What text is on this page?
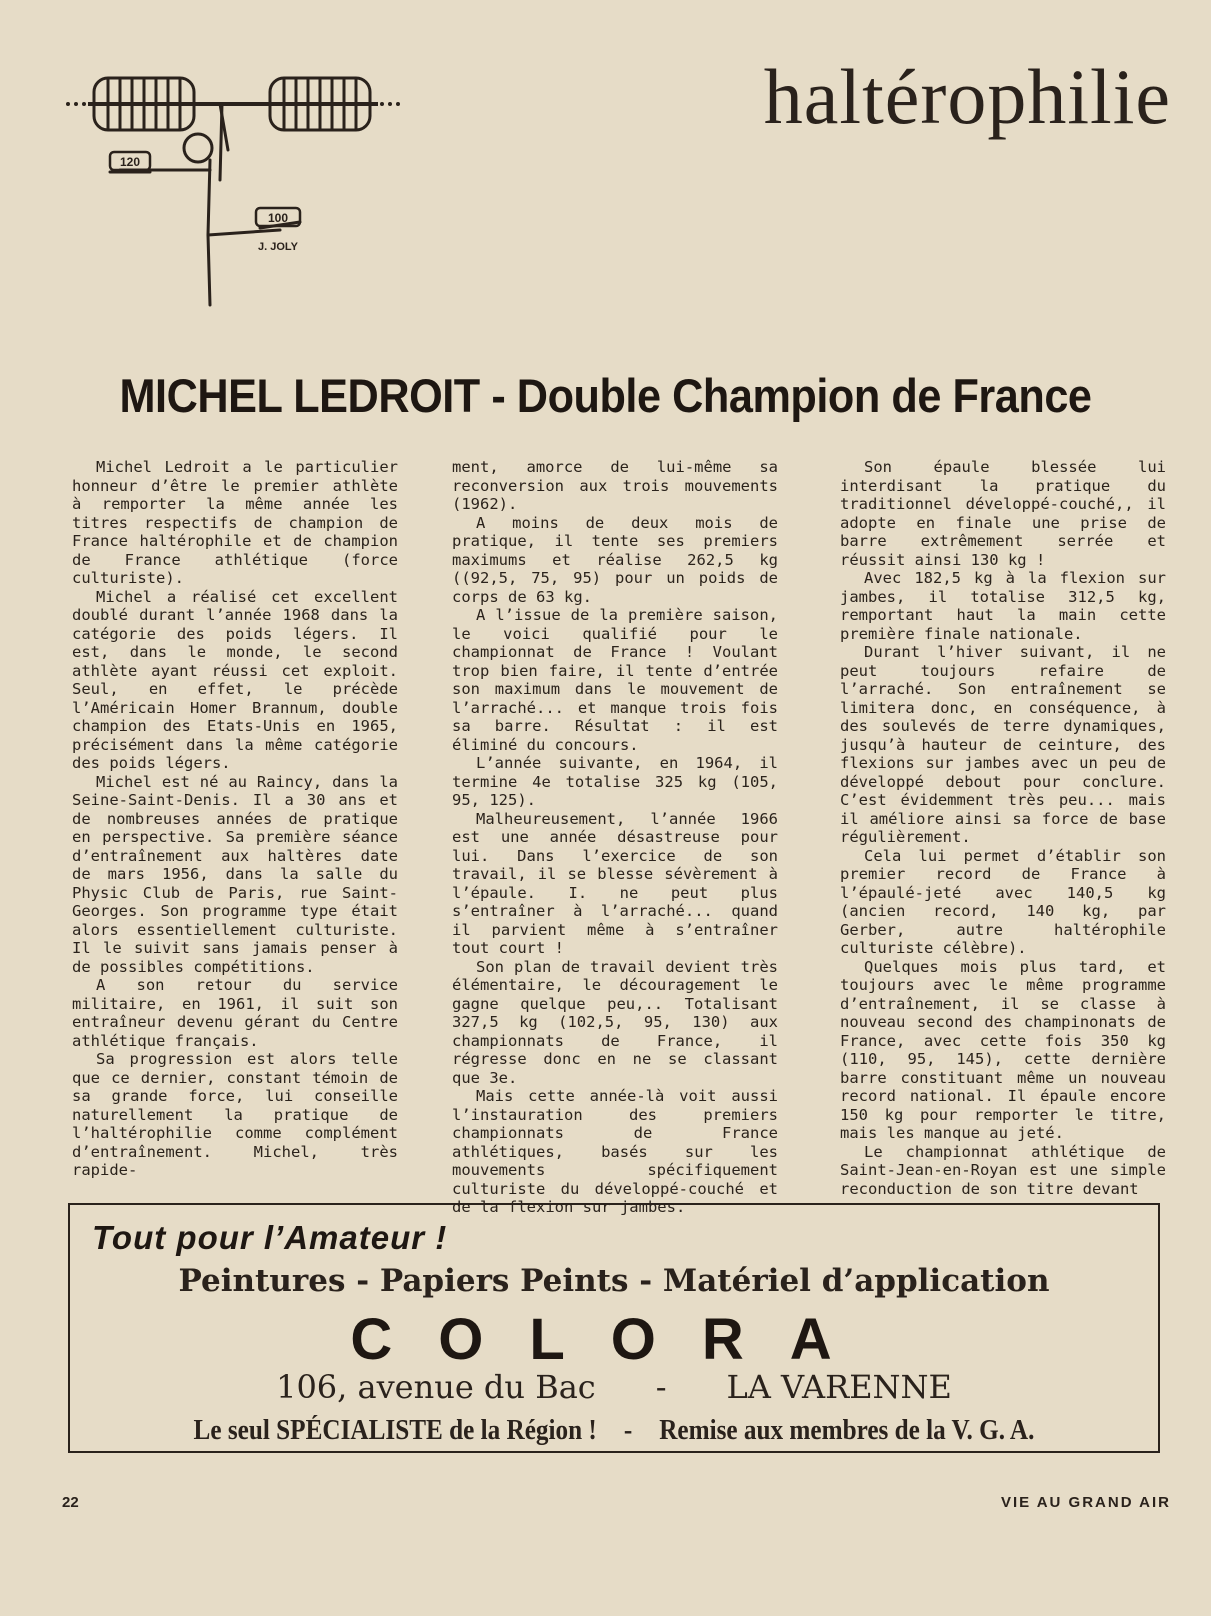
120
100
J. JOLY
haltérophilie
MICHEL LEDROIT - Double Champion de France

Michel Ledroit a le particulier honneur d’être le premier athlète à remporter la même année les titres respectifs de champion de France haltérophile et de champion de France athlétique (force culturiste).

Michel a réalisé cet excellent doublé durant l’année 1968 dans la catégorie des poids légers. Il est, dans le monde, le second athlète ayant réussi cet exploit. Seul, en effet, le précède l’Américain Homer Brannum, double champion des Etats-Unis en 1965, précisément dans la même catégorie des poids légers.

Michel est né au Raincy, dans la Seine-Saint-Denis. Il a 30 ans et de nombreuses années de pratique en perspective. Sa première séance d’entraînement aux haltères date de mars 1956, dans la salle du Physic Club de Paris, rue Saint-Georges. Son programme type était alors essentiellement culturiste. Il le suivit sans jamais penser à de possibles compétitions.

A son retour du service militaire, en 1961, il suit son entraîneur devenu gérant du Centre athlétique français.

Sa progression est alors telle que ce dernier, constant témoin de sa grande force, lui conseille naturellement la pratique de l’haltérophilie comme complément d’entraînement. Michel, très rapide-

ment, amorce de lui-même sa reconversion aux trois mouvements (1962).

A moins de deux mois de pratique, il tente ses premiers maximums et réalise 262,5 kg ((92,5, 75, 95) pour un poids de corps de 63 kg.

A l’issue de la première saison, le voici qualifié pour le championnat de France ! Voulant trop bien faire, il tente d’entrée son maximum dans le mouvement de l’arraché... et manque trois fois sa barre. Résultat : il est éliminé du concours.

L’année suivante, en 1964, il termine 4e totalise 325 kg (105, 95, 125).

Malheureusement, l’année 1966 est une année désastreuse pour lui. Dans l’exercice de son travail, il se blesse sévèrement à l’épaule. I. ne peut plus s’entraîner à l’arraché... quand il parvient même à s’entraîner tout court !

Son plan de travail devient très élémentaire, le découragement le gagne quelque peu,.. Totalisant 327,5 kg (102,5, 95, 130) aux championnats de France, il régresse donc en ne se classant que 3e.

Mais cette année-là voit aussi l’instauration des premiers championnats de France athlétiques, basés sur les mouvements spécifiquement culturiste du développé-couché et de la flexion sur jambes.

Son épaule blessée lui interdisant la pratique du traditionnel développé-couché,, il adopte en finale une prise de barre extrêmement serrée et réussit ainsi 130 kg !

Avec 182,5 kg à la flexion sur jambes, il totalise 312,5 kg, remportant haut la main cette première finale nationale.

Durant l’hiver suivant, il ne peut toujours refaire de l’arraché. Son entraînement se limitera donc, en conséquence, à des soulevés de terre dynamiques, jusqu’à hauteur de ceinture, des flexions sur jambes avec un peu de développé debout pour conclure. C’est évidemment très peu... mais il améliore ainsi sa force de base régulièrement.

Cela lui permet d’établir son premier record de France à l’épaulé-jeté avec 140,5 kg (ancien record, 140 kg, par Gerber, autre haltérophile culturiste célèbre).

Quelques mois plus tard, et toujours avec le même programme d’entraînement, il se classe à nouveau second des champinonats de France, avec cette fois 350 kg (110, 95, 145), cette dernière barre constituant même un nouveau record national. Il épaule encore 150 kg pour remporter le titre, mais les manque au jeté.

Le championnat athlétique de Saint-Jean-en-Royan est une simple reconduction de son titre devant

Tout pour l’Amateur !

Peintures - Papiers Peints - Matériel d’application

COLORA

106, avenue du Bac - LA VARENNE

Le seul SPÉCIALISTE de la Région ! - Remise aux membres de la V. G. A.

22	VIE AU GRAND AIR
